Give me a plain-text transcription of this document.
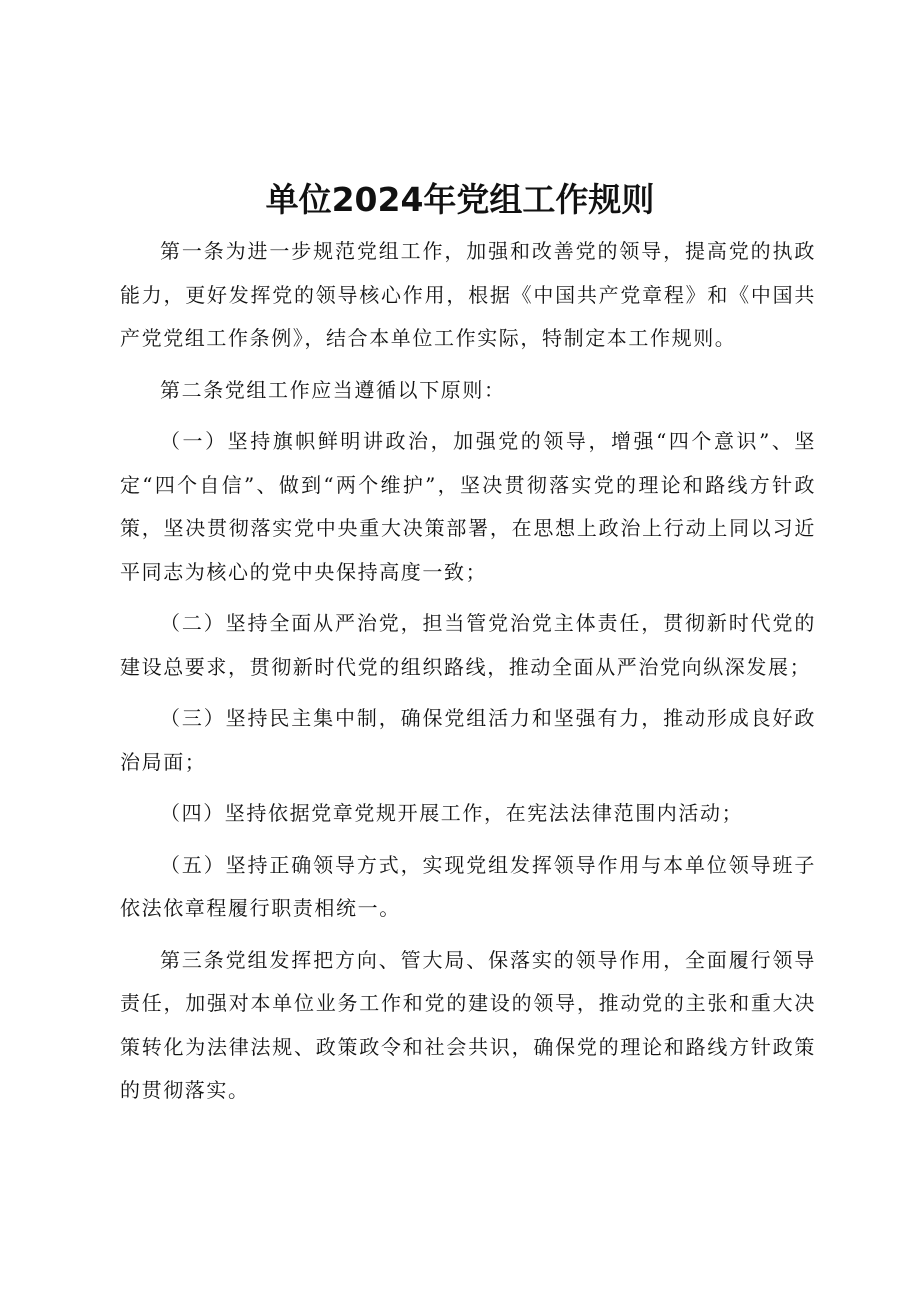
单位2024年党组工作规则

第一条为进一步规范党组工作，加强和改善党的领导，提高党的执政能力，更好发挥党的领导核心作用，根据《中国共产党章程》和《中国共产党党组工作条例》，结合本单位工作实际，特制定本工作规则。

第二条党组工作应当遵循以下原则：

（一）坚持旗帜鲜明讲政治，加强党的领导，增强“四个意识”、坚定“四个自信”、做到“两个维护”，坚决贯彻落实党的理论和路线方针政策，坚决贯彻落实党中央重大决策部署，在思想上政治上行动上同以习近平同志为核心的党中央保持高度一致；

（二）坚持全面从严治党，担当管党治党主体责任，贯彻新时代党的建设总要求，贯彻新时代党的组织路线，推动全面从严治党向纵深发展；

（三）坚持民主集中制，确保党组活力和坚强有力，推动形成良好政治局面；

（四）坚持依据党章党规开展工作，在宪法法律范围内活动；

（五）坚持正确领导方式，实现党组发挥领导作用与本单位领导班子依法依章程履行职责相统一。

第三条党组发挥把方向、管大局、保落实的领导作用，全面履行领导责任，加强对本单位业务工作和党的建设的领导，推动党的主张和重大决策转化为法律法规、政策政令和社会共识，确保党的理论和路线方针政策的贯彻落实。
